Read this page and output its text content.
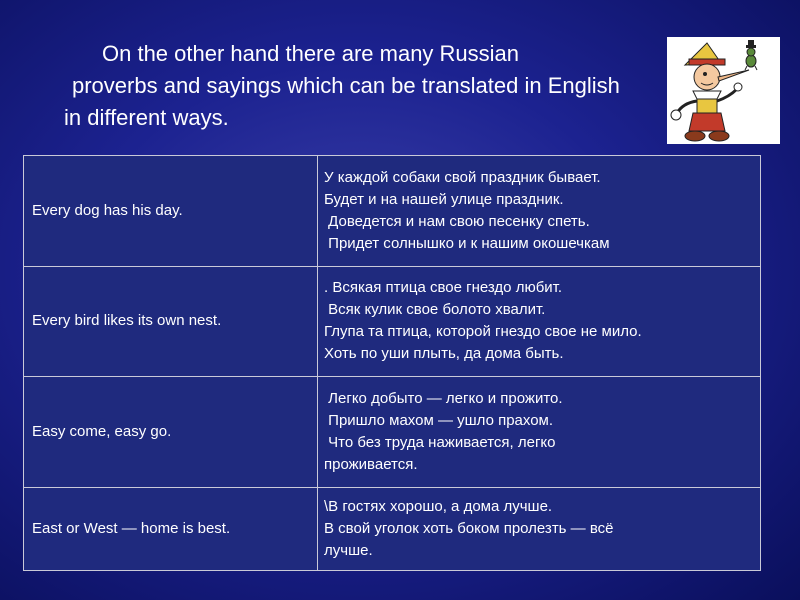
On the other hand there are many Russian
proverbs and sayings which can be translated in English
in different ways.
Every dog has his day.	У каждой собаки свой праздник бывает.
Будет и на нашей улице праздник.
Доведется и нам свою песенку спеть.
Придет солнышко и к нашим окошечкам

Every bird likes its own nest.	. Всякая птица свое гнездо любит.
Всяк кулик свое болото хвалит.
Глупа та птица, которой гнездо свое не мило.
Хоть по уши плыть, да дома быть.

Easy come, easy go.	Легко добыто — легко и прожито.
Пришло махом — ушло прахом.
Что без труда наживается, легко
проживается.

East or West — home is best.	\В гостях хорошо, а дома лучше.
В свой уголок хоть боком пролезть — всё
лучше.
